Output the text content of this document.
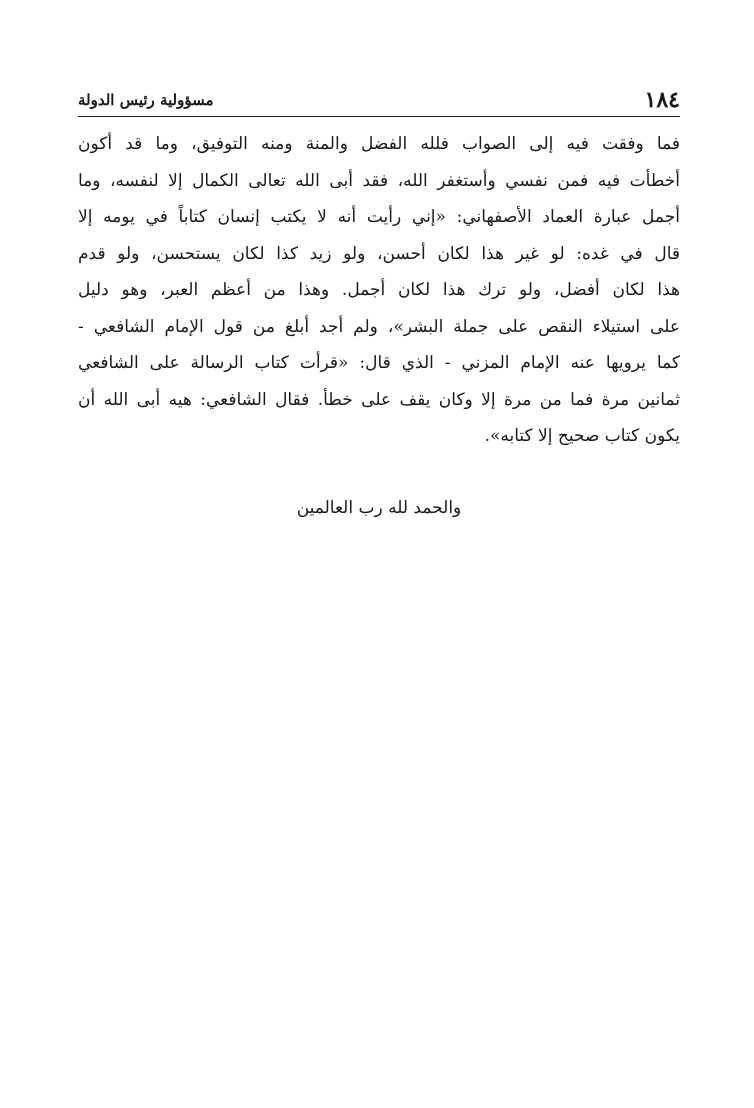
١٨٤
مسؤولية رئيس الدولة
فما وفقت فيه إلى الصواب فلله الفضل والمنة ومنه التوفيق، وما قد أكون
أخطأت فيه فمن نفسي وأستغفر الله، فقد أبى الله تعالى الكمال إلا لنفسه، وما
أجمل عبارة العماد الأصفهاني: «إني رأيت أنه لا يكتب إنسان كتاباً في يومه إلا
قال في غده: لو غير هذا لكان أحسن، ولو زيد كذا لكان يستحسن، ولو قدم
هذا لكان أفضل، ولو ترك هذا لكان أجمل. وهذا من أعظم العبر، وهو دليل
على استيلاء النقص على جملة البشر»، ولم أجد أبلغ من قول الإمام الشافعي -
كما يرويها عنه الإمام المزني - الذي قال: «قرأت كتاب الرسالة على الشافعي
ثمانين مرة فما من مرة إلا وكان يقف على خطأ. فقال الشافعي: هيه أبى الله أن
يكون كتاب صحيح إلا كتابه».
والحمد لله رب العالمين
